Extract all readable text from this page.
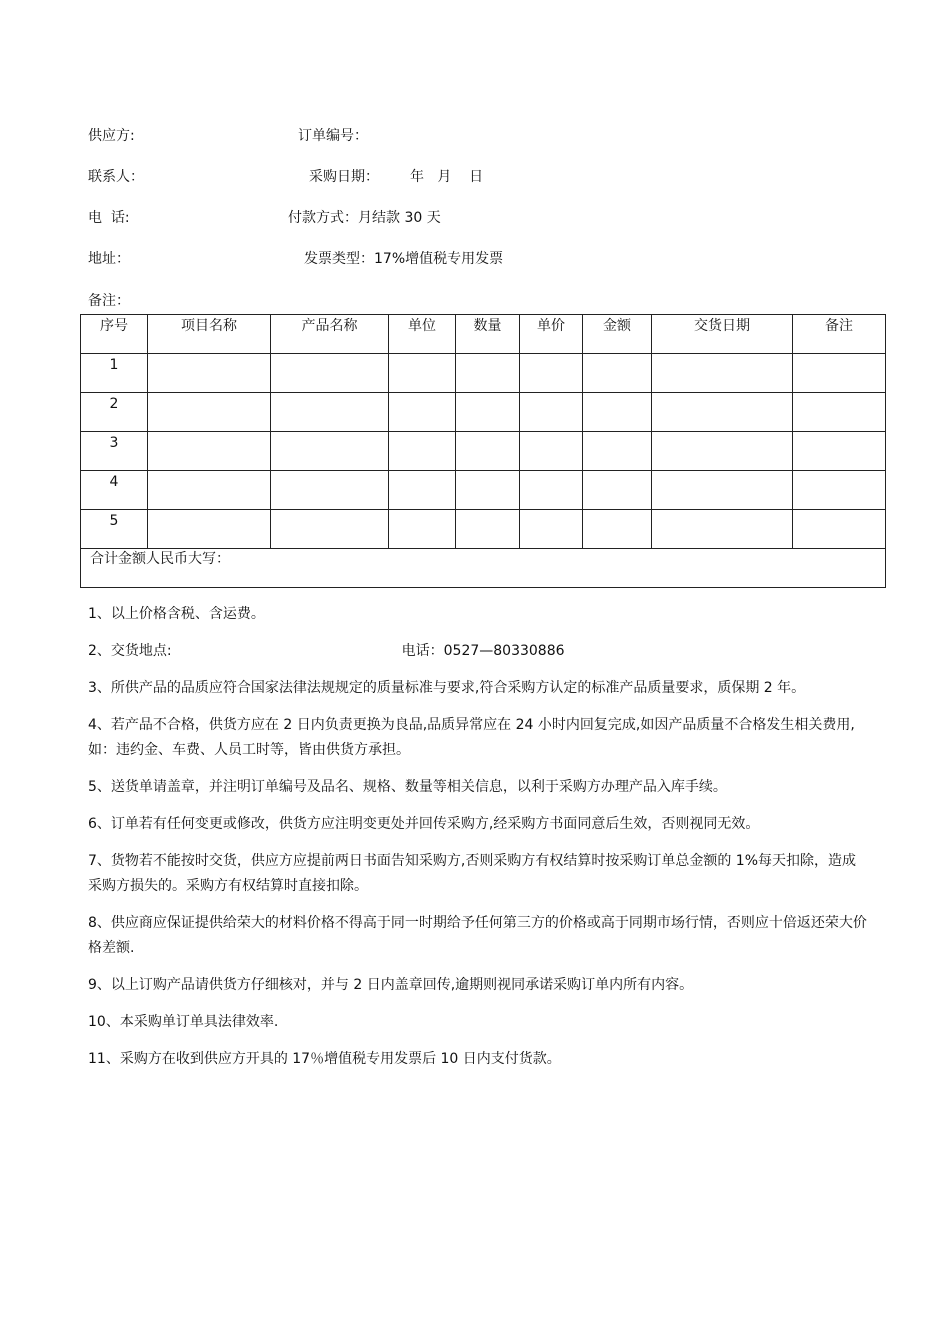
供应方:	订单编号：
联系人：	采购日期： 年   月    日
电  话:	付款方式：月结款 30 天
地址：	发票类型：17%增值税专用发票
备注：
序号	项目名称	产品名称	单位	数量	单价	金额	交货日期	备注
1								
2								
3								
4								
5								
合计金额人民币大写：								

1、以上价格含税、含运费。

2、交货地点:	电话：0527—80330886

3、所供产品的品质应符合国家法律法规规定的质量标准与要求,符合采购方认定的标准产品质量要求，质保期 2 年。

4、若产品不合格，供货方应在 2 日内负责更换为良品,品质异常应在 24 小时内回复完成,如因产品质量不合格发生相关费用,如：违约金、车费、人员工时等，皆由供货方承担。

5、送货单请盖章，并注明订单编号及品名、规格、数量等相关信息，以利于采购方办理产品入库手续。

6、订单若有任何变更或修改，供货方应注明变更处并回传采购方,经采购方书面同意后生效，否则视同无效。

7、货物若不能按时交货，供应方应提前两日书面告知采购方,否则采购方有权结算时按采购订单总金额的 1%每天扣除，造成采购方损失的。采购方有权结算时直接扣除。

8、供应商应保证提供给荣大的材料价格不得高于同一时期给予任何第三方的价格或高于同期市场行情，否则应十倍返还荣大价格差额.

9、以上订购产品请供货方仔细核对，并与 2 日内盖章回传,逾期则视同承诺采购订单内所有内容。

10、本采购单订单具法律效率.

11、采购方在收到供应方开具的 17％增值税专用发票后 10 日内支付货款。
